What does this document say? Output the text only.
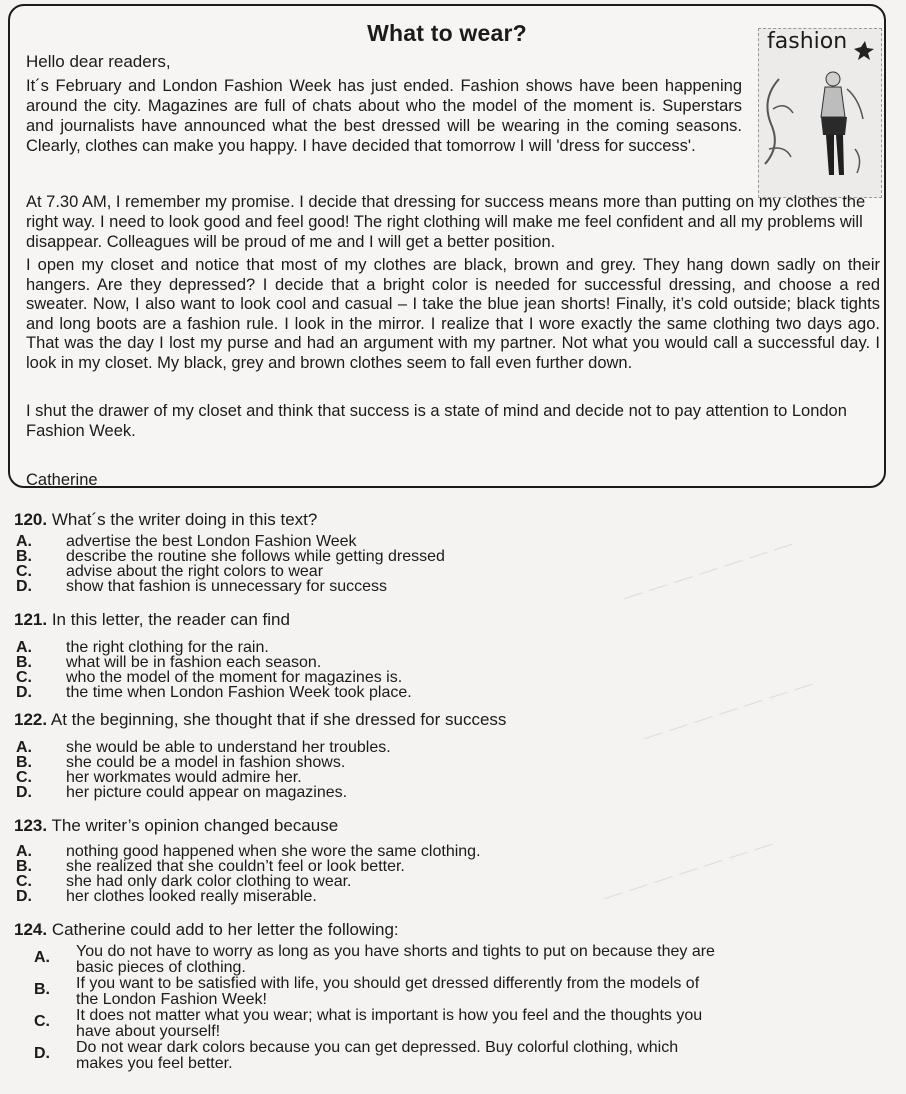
— — — — — — —
— — — — — — —
— — — — — — —
What to wear?
Hello dear readers,
fashion
It´s February and London Fashion Week has just ended. Fashion shows have been happening around the city. Magazines are full of chats about who the model of the moment is. Superstars and journalists have announced what the best dressed will be wearing in the coming seasons. Clearly, clothes can make you happy. I have decided that tomorrow I will 'dress for success'.
At 7.30 AM, I remember my promise. I decide that dressing for success means more than putting on my clothes the right way. I need to look good and feel good! The right clothing will make me feel confident and all my problems will disappear. Colleagues will be proud of me and I will get a better position.
I open my closet and notice that most of my clothes are black, brown and grey. They hang down sadly on their hangers. Are they depressed? I decide that a bright color is needed for successful dressing, and choose a red sweater. Now, I also want to look cool and casual – I take the blue jean shorts! Finally, it’s cold outside; black tights and long boots are a fashion rule. I look in the mirror. I realize that I wore exactly the same clothing two days ago. That was the day I lost my purse and had an argument with my partner. Not what you would call a successful day. I look in my closet. My black, grey and brown clothes seem to fall even further down.
I shut the drawer of my closet and think that success is a state of mind and decide not to pay attention to London Fashion Week.
Catherine
120. What´s the writer doing in this text?
A. advertise the best London Fashion Week
B. describe the routine she follows while getting dressed
C. advise about the right colors to wear
D. show that fashion is unnecessary for success
121. In this letter, the reader can find
A. the right clothing for the rain.
B. what will be in fashion each season.
C. who the model of the moment for magazines is.
D. the time when London Fashion Week took place.
122. At the beginning, she thought that if she dressed for success
A. she would be able to understand her troubles.
B. she could be a model in fashion shows.
C. her workmates would admire her.
D. her picture could appear on magazines.
123. The writer’s opinion changed because
A. nothing good happened when she wore the same clothing.
B. she realized that she couldn’t feel or look better.
C. she had only dark color clothing to wear.
D. her clothes looked really miserable.
124. Catherine could add to her letter the following:
A. You do not have to worry as long as you have shorts and tights to put on because they are basic pieces of clothing.
B. If you want to be satisfied with life, you should get dressed differently from the models of the London Fashion Week!
C. It does not matter what you wear; what is important is how you feel and the thoughts you have about yourself!
D. Do not wear dark colors because you can get depressed. Buy colorful clothing, which makes you feel better.
